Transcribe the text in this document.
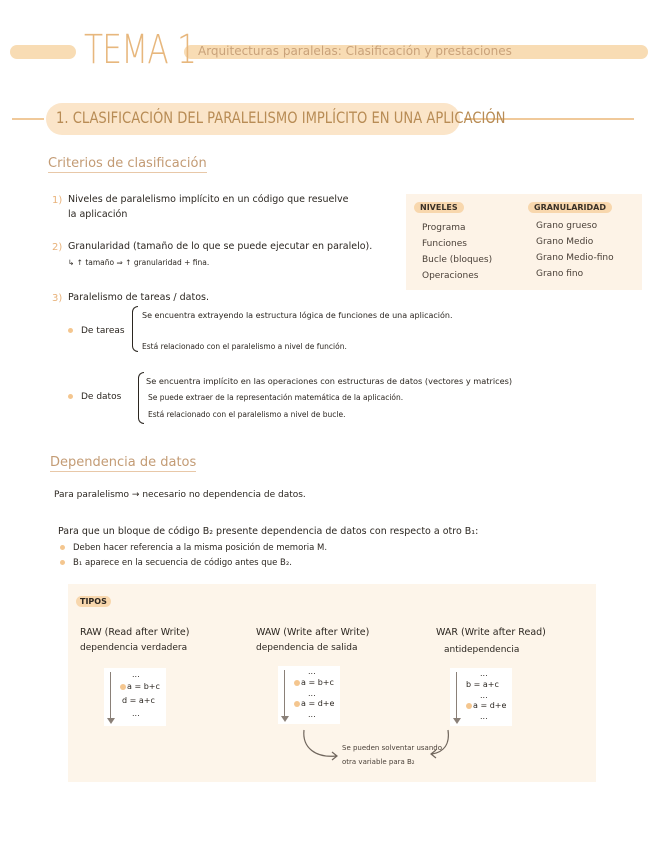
TEMA 1 Arquitecturas paralelas: Clasificación y prestaciones
1. CLASIFICACIÓN DEL PARALELISMO IMPLÍCITO EN UNA APLICACIÓN
Criterios de clasificación
1) Niveles de paralelismo implícito en un código que resuelve
la aplicación
2) Granularidad (tamaño de lo que se puede ejecutar en paralelo).
↳ ↑ tamaño ⇒ ↑ granularidad + fina.
3) Paralelismo de tareas / datos.
De tareas
Se encuentra extrayendo la estructura lógica de funciones de una aplicación.
Está relacionado con el paralelismo a nivel de función.
De datos
Se encuentra implícito en las operaciones con estructuras de datos (vectores y matrices)
Se puede extraer de la representación matemática de la aplicación.
Está relacionado con el paralelismo a nivel de bucle.
NIVELES	GRANULARIDAD
Programa
Funciones
Bucle (bloques)
Operaciones
Grano grueso
Grano Medio
Grano Medio-fino
Grano fino
Dependencia de datos
Para paralelismo → necesario no dependencia de datos.
Para que un bloque de código B₂ presente dependencia de datos con respecto a otro B₁:
Deben hacer referencia a la misma posición de memoria M.
B₁ aparece en la secuencia de código antes que B₂.
TIPOS
RAW (Read after Write)
dependencia verdadera
...
a = b+c
d = a+c
...
WAW (Write after Write)
dependencia de salida
...
a = b+c
...
a = d+e
...
WAR (Write after Read)
antidependencia
...
b = a+c
...
a = d+e
...
Se pueden solventar usando
otra variable para B₂
